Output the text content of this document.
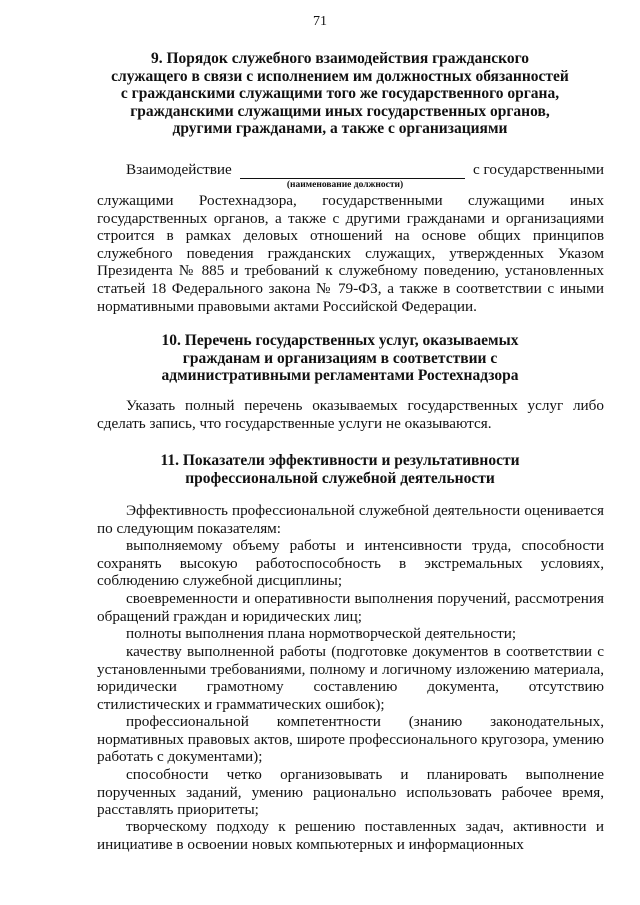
71
9. Порядок служебного взаимодействия гражданского
служащего в связи с исполнением им должностных обязанностей
с гражданскими служащими того же государственного органа,
гражданскими служащими иных государственных органов,
другими гражданами, а также с организациями
Взаимодействие	с государственными
(наименование должности)

служащими Ростехнадзора, государственными служащими иных государственных органов, а также с другими гражданами и организациями строится в рамках деловых отношений на основе общих принципов служебного поведения гражданских служащих, утвержденных Указом Президента № 885 и требований к служебному поведению, установленных статьей 18 Федерального закона № 79-ФЗ, а также в соответствии с иными нормативными правовыми актами Российской Федерации.

10. Перечень государственных услуг, оказываемых
гражданам и организациям в соответствии с
административными регламентами Ростехнадзора

Указать полный перечень оказываемых государственных услуг либо сделать запись, что государственные услуги не оказываются.

11. Показатели эффективности и результативности
профессиональной служебной деятельности

Эффективность профессиональной служебной деятельности оценивается по следующим показателям:

выполняемому объему работы и интенсивности труда, способности сохранять высокую работоспособность в экстремальных условиях, соблюдению служебной дисциплины;

своевременности и оперативности выполнения поручений, рассмотрения обращений граждан и юридических лиц;

полноты выполнения плана нормотворческой деятельности;

качеству выполненной работы (подготовке документов в соответствии с установленными требованиями, полному и логичному изложению материала, юридически грамотному составлению документа, отсутствию стилистических и грамматических ошибок);

профессиональной компетентности (знанию законодательных, нормативных правовых актов, широте профессионального кругозора, умению работать с документами);

способности четко организовывать и планировать выполнение порученных заданий, умению рационально использовать рабочее время, расставлять приоритеты;

творческому подходу к решению поставленных задач, активности и инициативе в освоении новых компьютерных и информационных
